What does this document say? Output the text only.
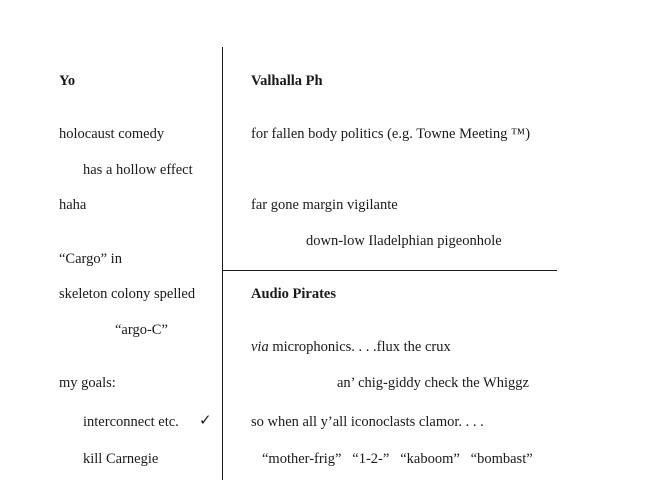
Yo
holocaust comedy
has a hollow effect
haha
“Cargo” in
skeleton colony spelled
“argo-C”
my goals:
interconnect etc. ✓
kill Carnegie
Valhalla Ph
for fallen body politics (e.g. Towne Meeting ™)
far gone margin vigilante
down-low Iladelphian pigeonhole
Audio Pirates
via microphonics. . . .flux the crux
an’ chig-giddy check the Whiggz
so when all y’all iconoclasts clamor. . . .
“mother-frig”   “1-2-”   “kaboom”   “bombast”
